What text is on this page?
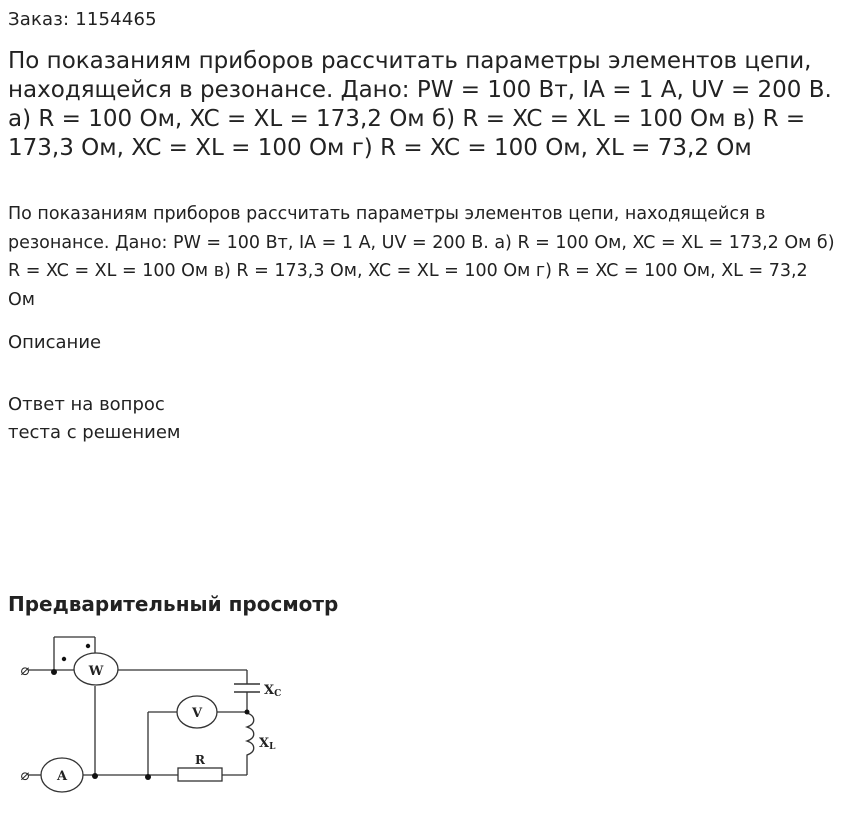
Заказ: 1154465
По показаниям приборов рассчитать параметры элементов цепи, находящейся в резонансе. Дано: PW = 100 Вт, IA = 1 А, UV = 200 В. а) R = 100 Ом, XC = XL = 173,2 Ом б) R = XC = XL = 100 Ом в) R = 173,3 Ом, XC = XL = 100 Ом г) R = XC = 100 Ом, XL = 73,2 Ом

По показаниям приборов рассчитать параметры элементов цепи, находящейся в резонансе. Дано: PW = 100 Вт, IA = 1 А, UV = 200 В. а) R = 100 Ом, XC = XL = 173,2 Ом б) R = XC = XL = 100 Ом в) R = 173,3 Ом, XC = XL = 100 Ом г) R = XC = 100 Ом, XL = 73,2 Ом

Описание
Ответ на вопрос
теста с решением
Предварительный просмотр
W
V
A
XC
XL
R
⌀
⌀
